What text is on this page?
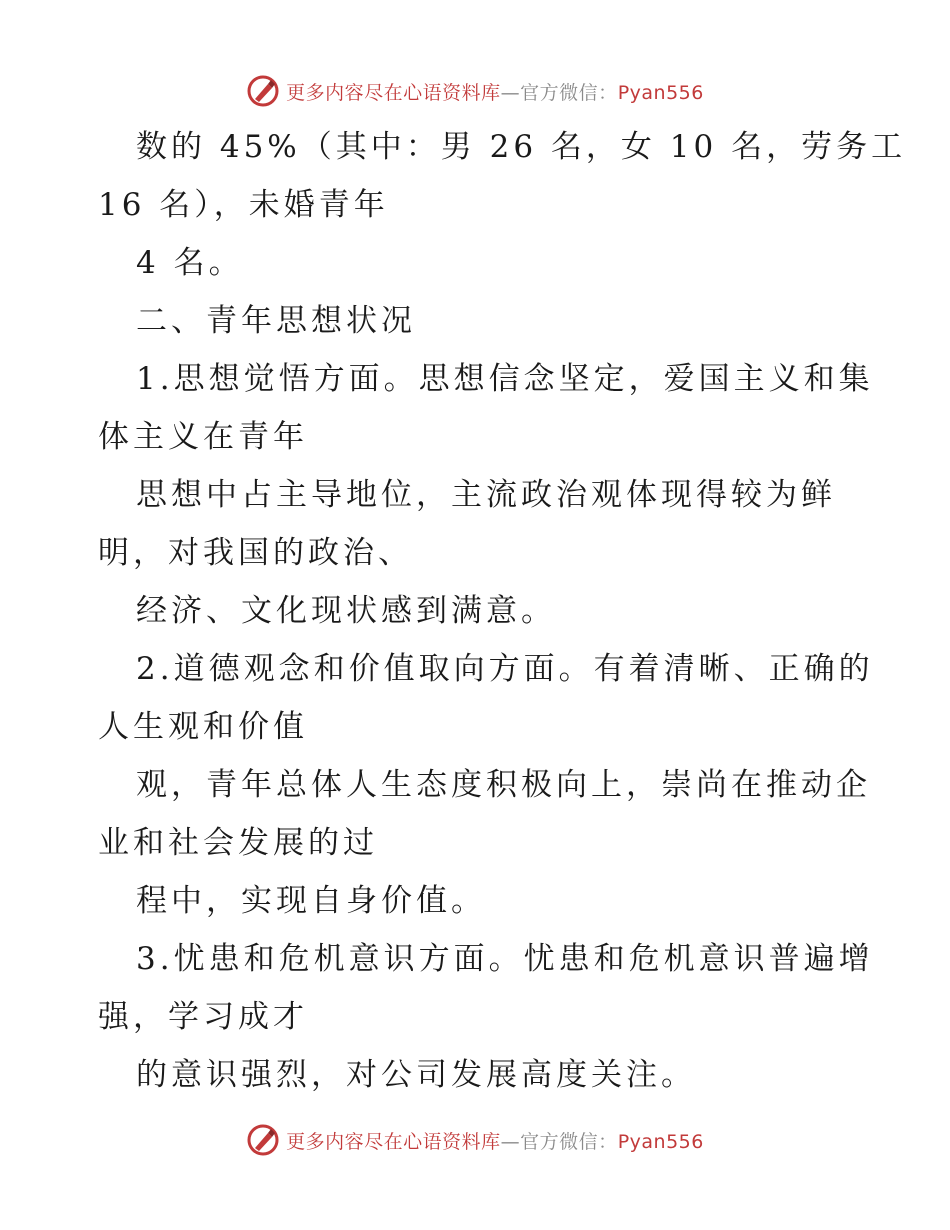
更多内容尽在心语资料库—官方微信：Pyan556
数的 45%（其中：男 26 名，女 10 名，劳务工
16 名），未婚青年
4 名。
二、青年思想状况
1.思想觉悟方面。思想信念坚定，爱国主义和集
体主义在青年
思想中占主导地位，主流政治观体现得较为鲜
明，对我国的政治、
经济、文化现状感到满意。
2.道德观念和价值取向方面。有着清晰、正确的
人生观和价值
观，青年总体人生态度积极向上，崇尚在推动企
业和社会发展的过
程中，实现自身价值。
3.忧患和危机意识方面。忧患和危机意识普遍增
强，学习成才
的意识强烈，对公司发展高度关注。
更多内容尽在心语资料库—官方微信：Pyan556
